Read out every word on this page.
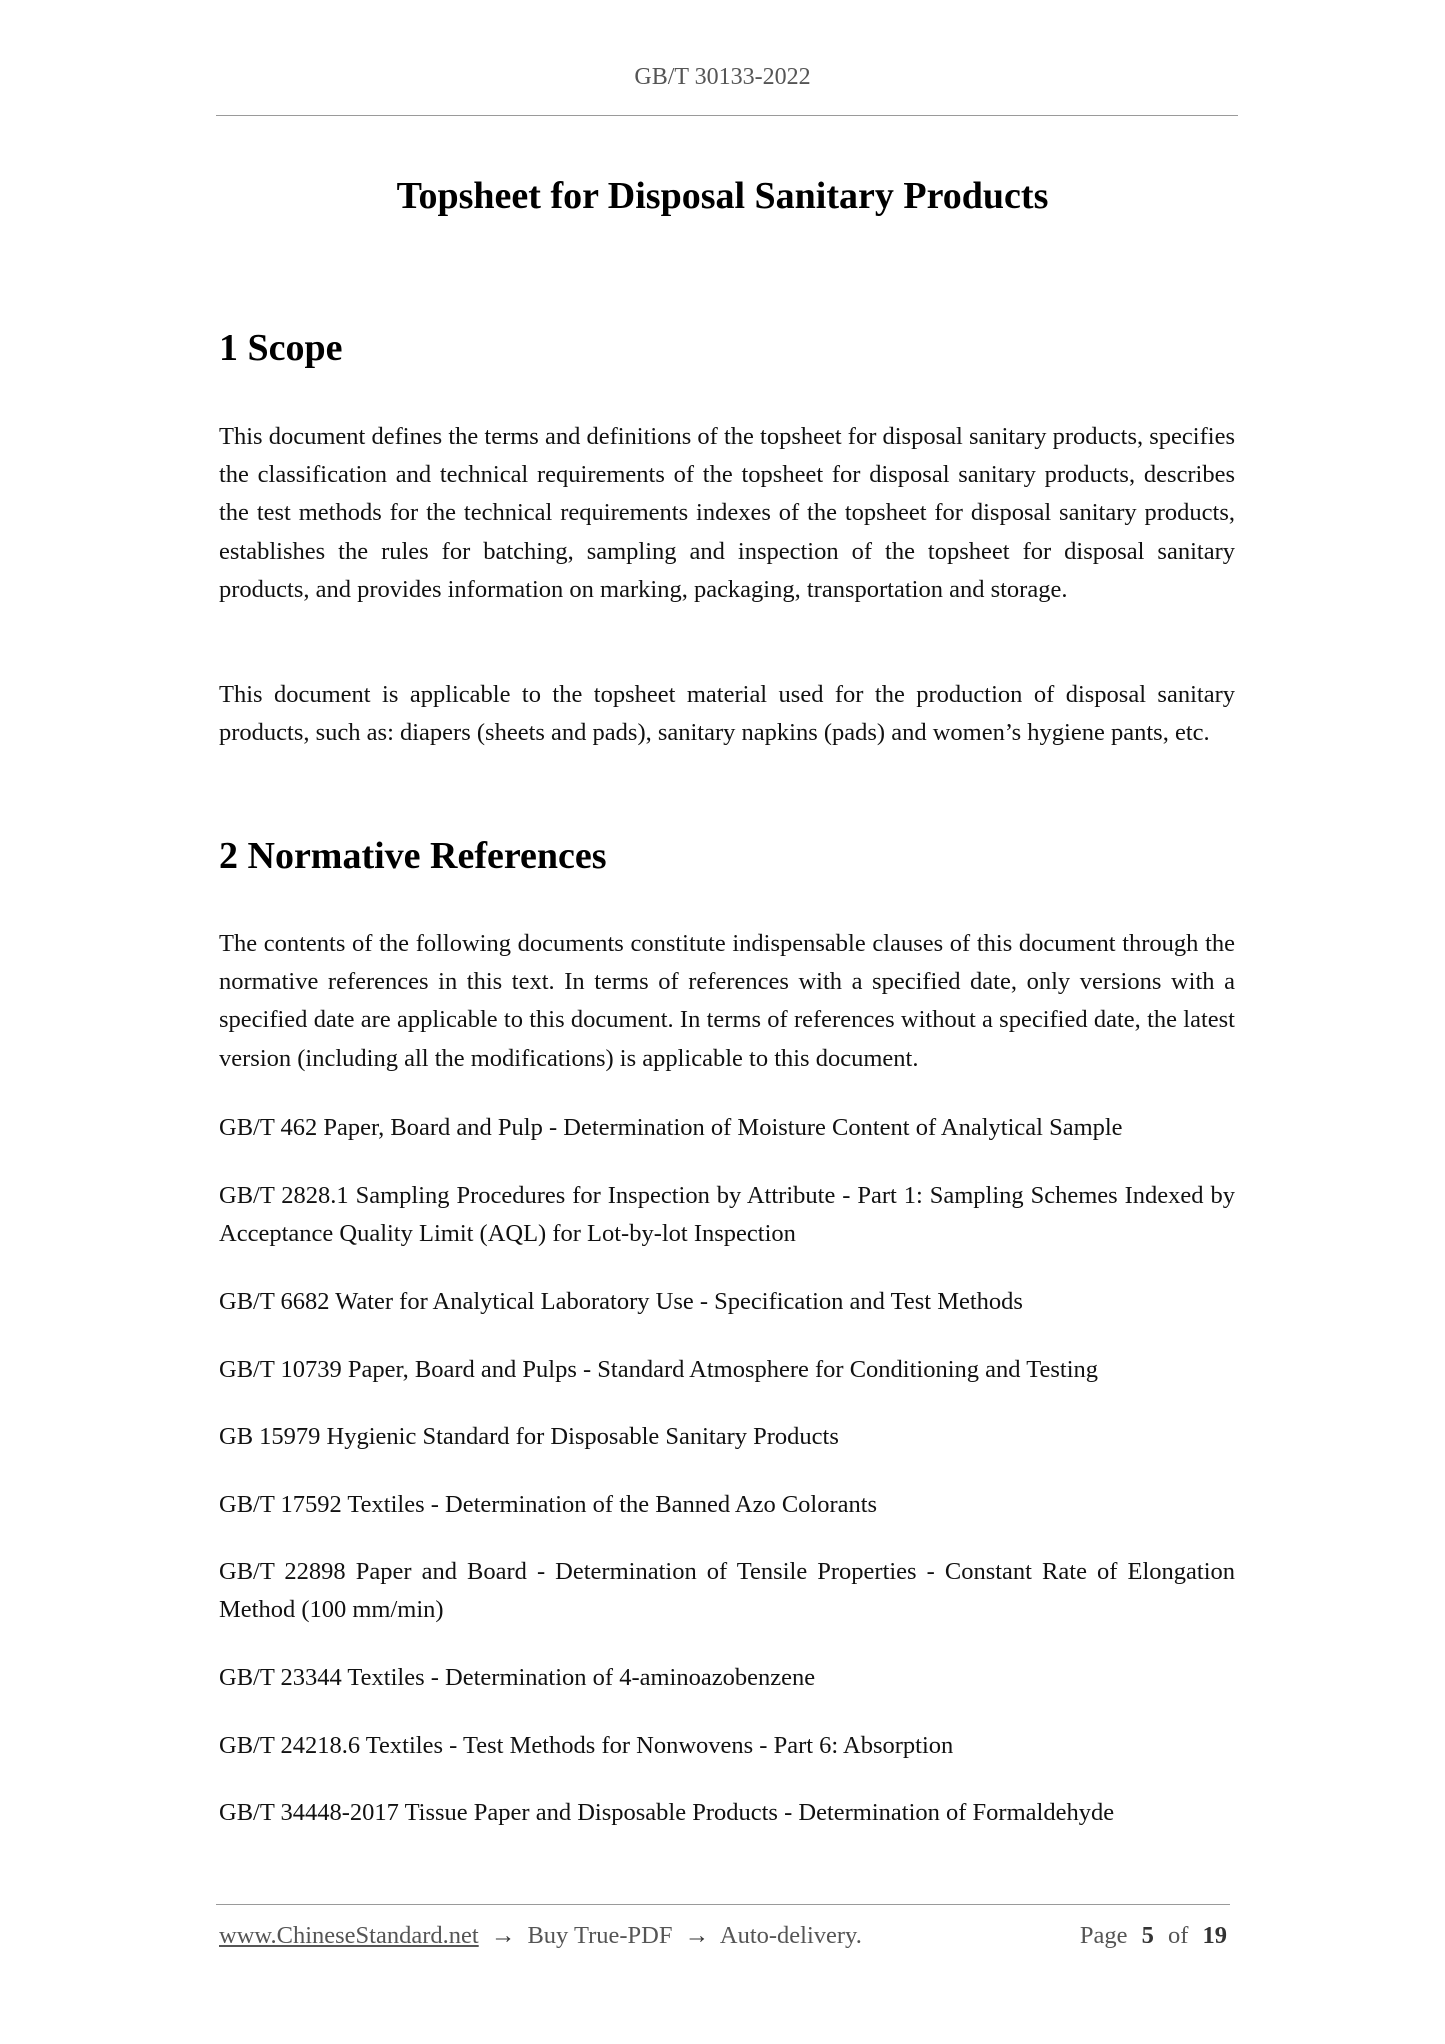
GB/T 30133-2022
Topsheet for Disposal Sanitary Products
1 Scope

This document defines the terms and definitions of the topsheet for disposal sanitary products, specifies the classification and technical requirements of the topsheet for disposal sanitary products, describes the test methods for the technical requirements indexes of the topsheet for disposal sanitary products, establishes the rules for batching, sampling and inspection of the topsheet for disposal sanitary products, and provides information on marking, packaging, transportation and storage.

This document is applicable to the topsheet material used for the production of disposal sanitary products, such as: diapers (sheets and pads), sanitary napkins (pads) and women’s hygiene pants, etc.

2 Normative References

The contents of the following documents constitute indispensable clauses of this document through the normative references in this text. In terms of references with a specified date, only versions with a specified date are applicable to this document. In terms of references without a specified date, the latest version (including all the modifications) is applicable to this document.

GB/T 462 Paper, Board and Pulp - Determination of Moisture Content of Analytical Sample

GB/T 2828.1 Sampling Procedures for Inspection by Attribute - Part 1: Sampling Schemes Indexed by Acceptance Quality Limit (AQL) for Lot-by-lot Inspection

GB/T 6682 Water for Analytical Laboratory Use - Specification and Test Methods

GB/T 10739 Paper, Board and Pulps - Standard Atmosphere for Conditioning and Testing

GB 15979 Hygienic Standard for Disposable Sanitary Products

GB/T 17592 Textiles - Determination of the Banned Azo Colorants

GB/T 22898 Paper and Board - Determination of Tensile Properties - Constant Rate of Elongation Method (100 mm/min)

GB/T 23344 Textiles - Determination of 4-aminoazobenzene

GB/T 24218.6 Textiles - Test Methods for Nonwovens - Part 6: Absorption

GB/T 34448-2017 Tissue Paper and Disposable Products - Determination of Formaldehyde

www.ChineseStandard.net → Buy True-PDF → Auto-delivery.	Page 5 of 19
